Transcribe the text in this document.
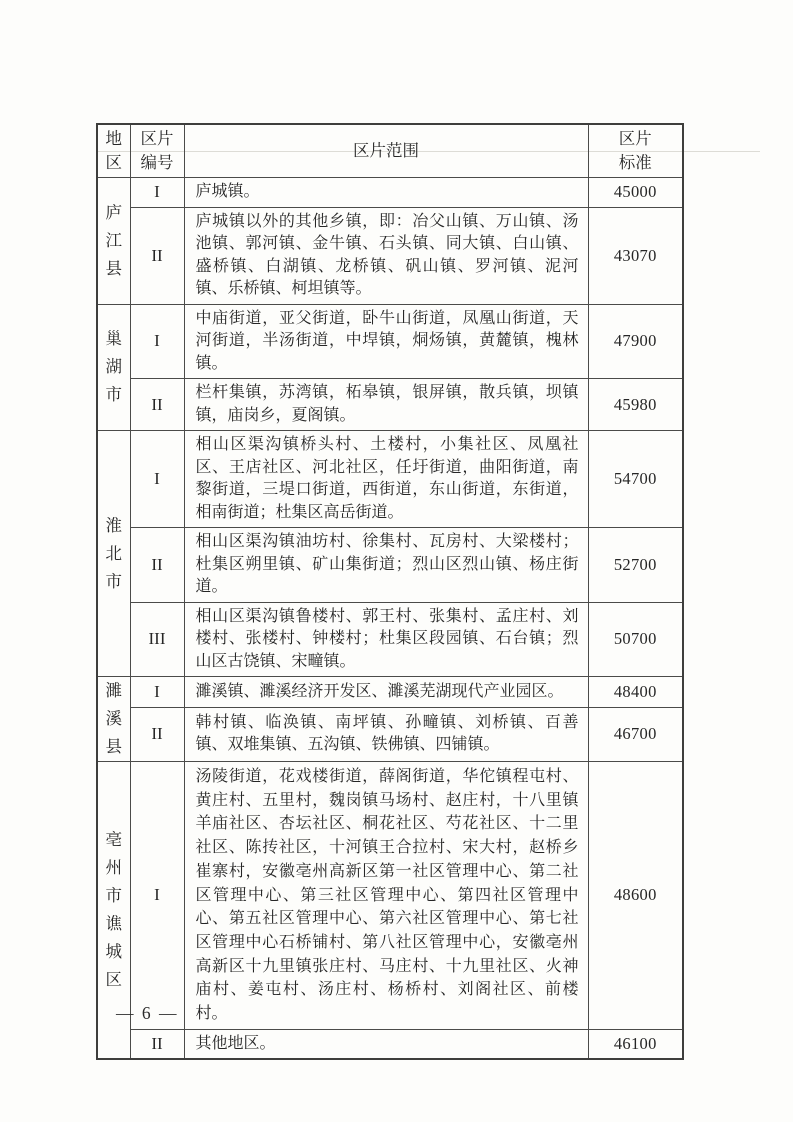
地区	区片编号	区片范围	区片标准
庐江县	I	庐城镇。	45000
	II	庐城镇以外的其他乡镇，即：冶父山镇、万山镇、汤池镇、郭河镇、金牛镇、石头镇、同大镇、白山镇、盛桥镇、白湖镇、龙桥镇、矾山镇、罗河镇、泥河镇、乐桥镇、柯坦镇等。	43070
巢湖市	I	中庙街道，亚父街道，卧牛山街道，凤凰山街道，天河街道，半汤街道，中垾镇，烔炀镇，黄麓镇，槐林镇。	47900
	II	栏杆集镇，苏湾镇，柘皋镇，银屏镇，散兵镇，坝镇镇，庙岗乡，夏阁镇。	45980
淮北市	I	相山区渠沟镇桥头村、土楼村，小集社区、凤凰社区、王店社区、河北社区，任圩街道，曲阳街道，南黎街道，三堤口街道，西街道，东山街道，东街道，相南街道；杜集区高岳街道。	54700
	II	相山区渠沟镇油坊村、徐集村、瓦房村、大梁楼村；杜集区朔里镇、矿山集街道；烈山区烈山镇、杨庄街道。	52700
	III	相山区渠沟镇鲁楼村、郭王村、张集村、孟庄村、刘楼村、张楼村、钟楼村；杜集区段园镇、石台镇；烈山区古饶镇、宋疃镇。	50700
濉溪县	I	濉溪镇、濉溪经济开发区、濉溪芜湖现代产业园区。	48400
	II	韩村镇、临涣镇、南坪镇、孙疃镇、刘桥镇、百善镇、双堆集镇、五沟镇、铁佛镇、四铺镇。	46700
亳州市谯城区	I	汤陵街道，花戏楼街道，薛阁街道，华佗镇程屯村、黄庄村、五里村，魏岗镇马场村、赵庄村，十八里镇羊庙社区、杏坛社区、桐花社区、芍花社区、十二里社区、陈抟社区，十河镇王合拉村、宋大村，赵桥乡崔寨村，安徽亳州高新区第一社区管理中心、第二社区管理中心、第三社区管理中心、第四社区管理中心、第五社区管理中心、第六社区管理中心、第七社区管理中心石桥铺村、第八社区管理中心，安徽亳州高新区十九里镇张庄村、马庄村、十九里社区、火神庙村、姜屯村、汤庄村、杨桥村、刘阁社区、前楼村。	48600
	II	其他地区。	46100
— 6 —
